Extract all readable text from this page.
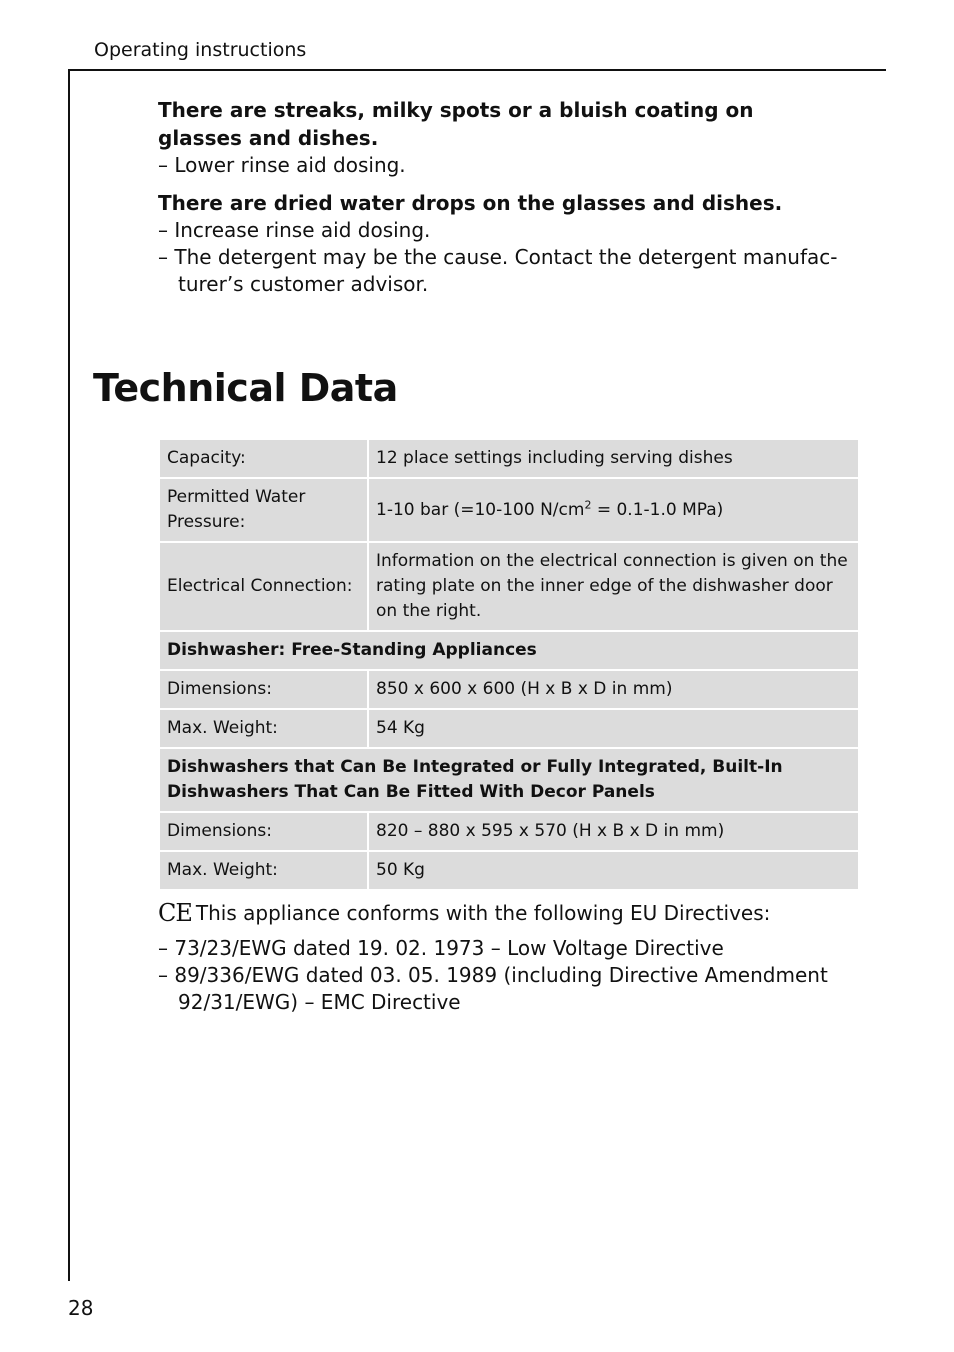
Operating instructions

There are streaks, milky spots or a bluish coating on glasses and dishes.

– Lower rinse aid dosing.

There are dried water drops on the glasses and dishes.

– Increase rinse aid dosing.
– The detergent may be the cause. Contact the detergent manufac-turer’s customer advisor.
Technical Data
Capacity:	12 place settings including serving dishes
Permitted Water Pressure:	1-10 bar (=10-100 $N/cm^2 = 0.1-1.0$ MPa)
Electrical Connection:	Information on the electrical connection is given on the rating plate on the inner edge of the dishwasher door on the right.
Dishwasher: Free-Standing Appliances	
Dimensions:	850 x 600 x 600 (H x B x D in mm)
Max. Weight:	54 Kg
Dishwashers that Can Be Integrated or Fully Integrated, Built-In Dishwashers That Can Be Fitted With Decor Panels	
Dimensions:	820 – 880 x 595 x 570 (H x B x D in mm)
Max. Weight:	50 Kg
CE This appliance conforms with the following EU Directives:
– 73/23/EWG dated 19. 02. 1973 – Low Voltage Directive
– 89/336/EWG dated 03. 05. 1989 (including Directive Amendment 92/31/EWG) – EMC Directive
28
